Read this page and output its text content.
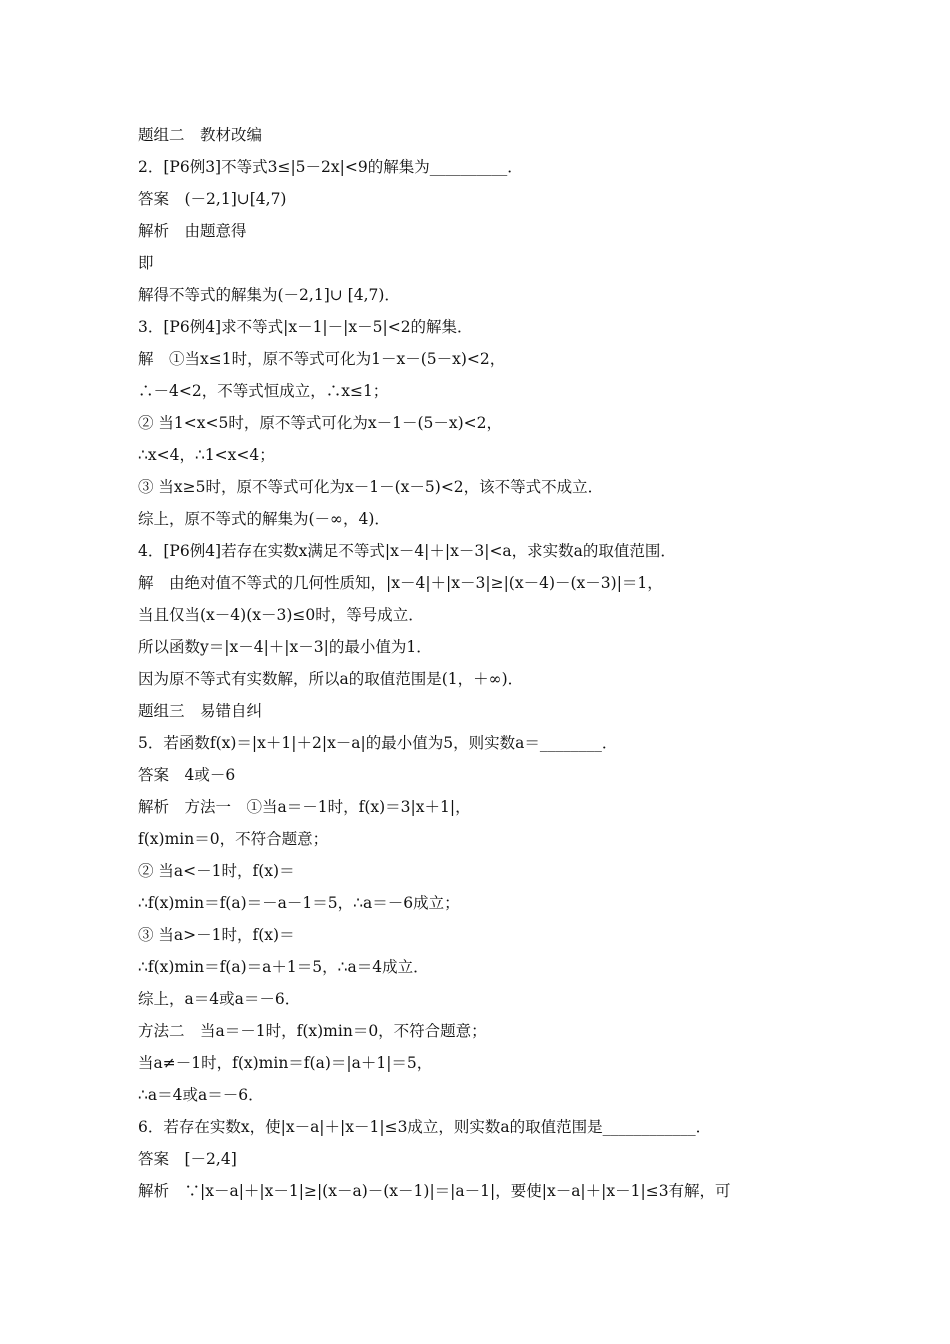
题组二　教材改编
2．[P6例3]不等式3≤|5－2x|<9的解集为__________．
答案　(－2,1]∪[4,7)
解析　由题意得
即
解得不等式的解集为(－2,1]∪ [4,7)．
3．[P6例4]求不等式|x－1|－|x－5|<2的解集．
解　①当x≤1时，原不等式可化为1－x－(5－x)<2，
∴－4<2，不等式恒成立，∴x≤1；
② 当1<x<5时，原不等式可化为x－1－(5－x)<2，
∴x<4，∴1<x<4；
③ 当x≥5时，原不等式可化为x－1－(x－5)<2，该不等式不成立．
综上，原不等式的解集为(－∞，4)．
4．[P6例4]若存在实数x满足不等式|x－4|＋|x－3|<a，求实数a的取值范围．
解　由绝对值不等式的几何性质知，|x－4|＋|x－3|≥|(x－4)－(x－3)|＝1，
当且仅当(x－4)(x－3)≤0时，等号成立．
所以函数y＝|x－4|＋|x－3|的最小值为1．
因为原不等式有实数解，所以a的取值范围是(1，＋∞)．
题组三　易错自纠
5．若函数f(x)＝|x＋1|＋2|x－a|的最小值为5，则实数a＝________．
答案　4或－6
解析　方法一　①当a＝－1时，f(x)＝3|x＋1|，
f(x)min＝0，不符合题意；
② 当a<－1时，f(x)＝
∴f(x)min＝f(a)＝－a－1＝5，∴a＝－6成立；
③ 当a>－1时，f(x)＝
∴f(x)min＝f(a)＝a＋1＝5，∴a＝4成立．
综上，a＝4或a＝－6．
方法二　当a＝－1时，f(x)min＝0，不符合题意；
当a≠－1时，f(x)min＝f(a)＝|a＋1|＝5，
∴a＝4或a＝－6．
6．若存在实数x，使|x－a|＋|x－1|≤3成立，则实数a的取值范围是____________．
答案　[－2,4]
解析　∵|x－a|＋|x－1|≥|(x－a)－(x－1)|＝|a－1|，要使|x－a|＋|x－1|≤3有解，可
